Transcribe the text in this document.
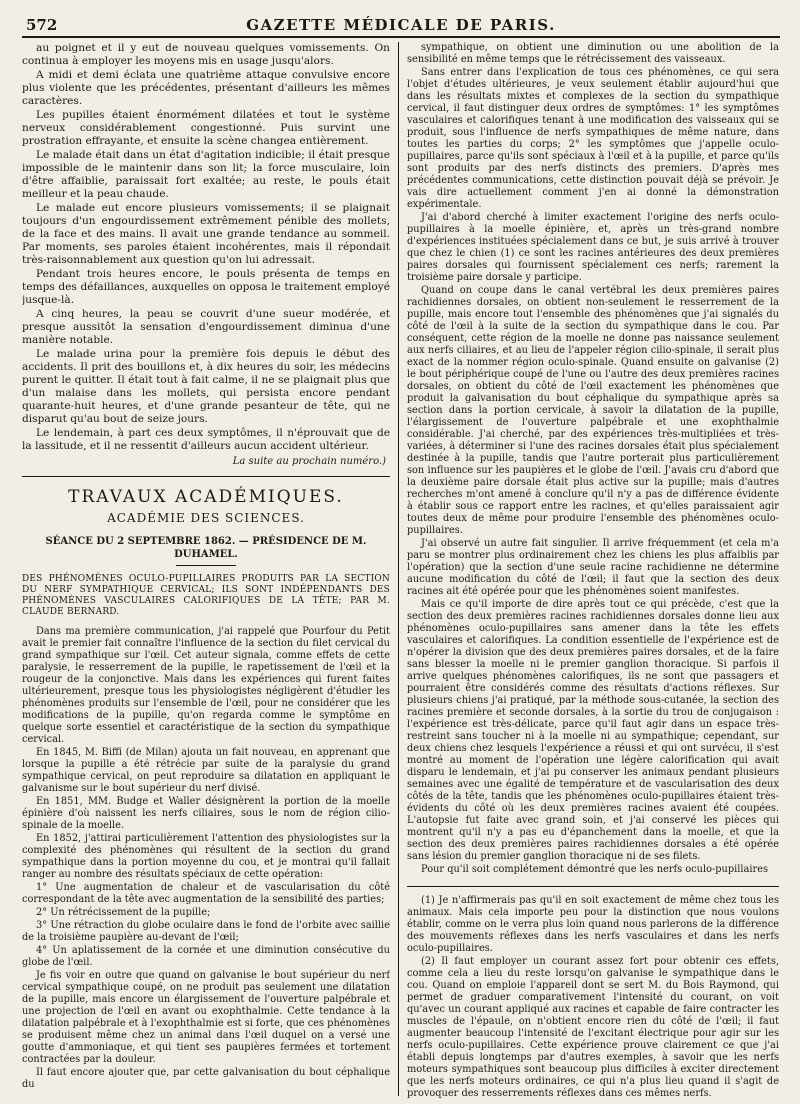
572	GAZETTE MÉDICALE DE PARIS.

au poignet et il y eut de nouveau quelques vomissements. On continua à employer les moyens mis en usage jusqu'alors.

A midi et demi éclata une quatrième attaque convulsive encore plus violente que les précédentes, présentant d'ailleurs les mêmes caractères.

Les pupilles étaient énormément dilatées et tout le système nerveux considérablement congestionné. Puis survint une prostration effrayante, et ensuite la scène changea entièrement.

Le malade était dans un état d'agitation indicible; il était presque impossible de le maintenir dans son lit; la force musculaire, loin d'être affaiblie, paraissait fort exaltée; au reste, le pouls était meilleur et la peau chaude.

Le malade eut encore plusieurs vomissements; il se plaignait toujours d'un engourdissement extrêmement pénible des mollets, de la face et des mains. Il avait une grande tendance au sommeil. Par moments, ses paroles étaient incohérentes, mais il répondait très-raisonnablement aux question qu'on lui adressait.

Pendant trois heures encore, le pouls présenta de temps en temps des défaillances, auxquelles on opposa le traitement employé jusque-là.

A cinq heures, la peau se couvrit d'une sueur modérée, et presque aussitôt la sensation d'engourdissement diminua d'une manière notable.

Le malade urina pour la première fois depuis le début des accidents. Il prit des bouillons et, à dix heures du soir, les médecins purent le quitter. Il était tout à fait calme, il ne se plaignait plus que d'un malaise dans les mollets, qui persista encore pendant quarante-huit heures, et d'une grande pesanteur de tête, qui ne disparut qu'au bout de seize jours.

Le lendemain, à part ces deux symptômes, il n'éprouvait que de la lassitude, et il ne ressentit d'ailleurs aucun accident ultérieur.

La suite au prochain numéro.)

TRAVAUX ACADÉMIQUES.
ACADÉMIE DES SCIENCES.
SÉANCE DU 2 SEPTEMBRE 1862. — PRÉSIDENCE DE M. DUHAMEL.

DES PHÉNOMÈNES OCULO-PUPILLAIRES PRODUITS PAR LA SECTION DU NERF SYMPATHIQUE CERVICAL; ILS SONT INDÉPENDANTS DES PHÉNOMÈNES VASCULAIRES CALORIFIQUES DE LA TÊTE; PAR M. CLAUDE BERNARD.

Dans ma première communication, j'ai rappelé que Pourfour du Petit avait le premier fait connaître l'influence de la section du filet cervical du grand sympathique sur l'œil. Cet auteur signala, comme effets de cette paralysie, le resserrement de la pupille, le rapetissement de l'œil et la rougeur de la conjonctive. Mais dans les expériences qui furent faites ultérieurement, presque tous les physiologistes négligèrent d'étudier les phénomènes produits sur l'ensemble de l'œil, pour ne considérer que les modifications de la pupille, qu'on regarda comme le symptôme en quelque sorte essentiel et caractéristique de la section du sympathique cervical.

En 1845, M. Biffi (de Milan) ajouta un fait nouveau, en apprenant que lorsque la pupille a été rétrécie par suite de la paralysie du grand sympathique cervical, on peut reproduire sa dilatation en appliquant le galvanisme sur le bout supérieur du nerf divisé.

En 1851, MM. Budge et Waller désignèrent la portion de la moelle épinière d'où naissent les nerfs ciliaires, sous le nom de région cilio-spinale de la moelle.

En 1852, j'attirai particulièrement l'attention des physiologistes sur la complexité des phénomènes qui résultent de la section du grand sympathique dans la portion moyenne du cou, et je montrai qu'il fallait ranger au nombre des résultats spéciaux de cette opération:

1° Une augmentation de chaleur et de vascularisation du côté correspondant de la tête avec augmentation de la sensibilité des parties;

2° Un rétrécissement de la pupille;

3° Une rétraction du globe oculaire dans le fond de l'orbite avec saillie de la troisième paupière au-devant de l'œil;

4° Un aplatissement de la cornée et une diminution consécutive du globe de l'œil.

Je fis voir en outre que quand on galvanise le bout supérieur du nerf cervical sympathique coupé, on ne produit pas seulement une dilatation de la pupille, mais encore un élargissement de l'ouverture palpébrale et une projection de l'œil en avant ou exophthalmie. Cette tendance à la dilatation palpébrale et à l'exophthalmie est si forte, que ces phénomènes se produisent même chez un animal dans l'œil duquel on a versé une goutte d'ammoniaque, et qui tient ses paupières fermées et tortement contractées par la douleur.

Il faut encore ajouter que, par cette galvanisation du bout céphalique du

sympathique, on obtient une diminution ou une abolition de la sensibilité en même temps que le rétrécissement des vaisseaux.

Sans entrer dans l'explication de tous ces phénomènes, ce qui sera l'objet d'études ultérieures, je veux seulement établir aujourd'hui que dans les résultats mixtes et complexes de la section du sympathique cervical, il faut distinguer deux ordres de symptômes: 1° les symptômes vasculaires et calorifiques tenant à une modification des vaisseaux qui se produit, sous l'influence de nerfs sympathiques de même nature, dans toutes les parties du corps; 2° les symptômes que j'appelle oculo-pupillaires, parce qu'ils sont spéciaux à l'œil et à la pupille, et parce qu'ils sont produits par des nerfs distincts des premiers. D'après mes précédentes communications, cette distinction pouvait déjà se prévoir. Je vais dire actuellement comment j'en ai donné la démonstration expérimentale.

J'ai d'abord cherché à limiter exactement l'origine des nerfs oculo-pupillaires à la moelle épinière, et, après un très-grand nombre d'expériences instituées spécialement dans ce but, je suis arrivé à trouver que chez le chien (1) ce sont les racines antérieures des deux premières paires dorsales qui fournissent spécialement ces nerfs; rarement la troisième paire dorsale y participe.

Quand on coupe dans le canal vertébral les deux premières paires rachidiennes dorsales, on obtient non-seulement le resserrement de la pupille, mais encore tout l'ensemble des phénomènes que j'ai signalés du côté de l'œil à la suite de la section du sympathique dans le cou. Par conséquent, cette région de la moelle ne donne pas naissance seulement aux nerfs ciliaires, et au lieu de l'appeler région cilio-spinale, il serait plus exact de la nommer région oculo-spinale. Quand ensuite on galvanise (2) le bout périphérique coupé de l'une ou l'autre des deux premières racines dorsales, on obtient du côté de l'œil exactement les phénomènes que produit la galvanisation du bout céphalique du sympathique après sa section dans la portion cervicale, à savoir la dilatation de la pupille, l'élargissement de l'ouverture palpébrale et une exophthalmie considérable. J'ai cherché, par des expériences très-multipliées et très-variées, à déterminer si l'une des racines dorsales était plus spécialement destinée à la pupille, tandis que l'autre porterait plus particulièrement son influence sur les paupières et le globe de l'œil. J'avais cru d'abord que la deuxième paire dorsale était plus active sur la pupille; mais d'autres recherches m'ont amené à conclure qu'il n'y a pas de différence évidente à établir sous ce rapport entre les racines, et qu'elles paraissaient agir toutes deux de même pour produire l'ensemble des phénomènes oculo-pupillaires.

J'ai observé un autre fait singulier. Il arrive fréquemment (et cela m'a paru se montrer plus ordinairement chez les chiens les plus affaiblis par l'opération) que la section d'une seule racine rachidienne ne détermine aucune modification du côté de l'œil; il faut que la section des deux racines ait été opérée pour que les phénomènes soient manifestes.

Mais ce qu'il importe de dire après tout ce qui précède, c'est que la section des deux premières racines rachidiennes dorsales donne lieu aux phénomènes oculo-pupillaires sans amener dans la tête les effets vasculaires et calorifiques. La condition essentielle de l'expérience est de n'opérer la division que des deux premières paires dorsales, et de la faire sans blesser la moelle ni le premier ganglion thoracique. Si parfois il arrive quelques phénomènes calorifiques, ils ne sont que passagers et pourraient être considérés comme des résultats d'actions réflexes. Sur plusieurs chiens j'ai pratiqué, par la méthode sous-cutanée, la section des racines première et seconde dorsales, à la sortie du trou de conjugaison : l'expérience est très-délicate, parce qu'il faut agir dans un espace très-restreint sans toucher ni à la moelle ni au sympathique; cependant, sur deux chiens chez lesquels l'expérience a réussi et qui ont survécu, il s'est montré au moment de l'opération une légère calorification qui avait disparu le lendemain, et j'ai pu conserver les animaux pendant plusieurs semaines avec une égalité de température et de vascularisation des deux côtés de la tête, tandis que les phénomènes oculo-pupillaires étaient très-évidents du côté où les deux premières racines avaient été coupées. L'autopsie fut faite avec grand soin, et j'ai conservé les pièces qui montrent qu'il n'y a pas eu d'épanchement dans la moelle, et que la section des deux premières paires rachidiennes dorsales a été opérée sans lésion du premier ganglion thoracique ni de ses filets.

Pour qu'il soit complétement démontré que les nerfs oculo-pupillaires

(1) Je n'affirmerais pas qu'il en soit exactement de même chez tous les animaux. Mais cela importe peu pour la distinction que nous voulons établir, comme on le verra plus loin quand nous parlerons de la différence des mouvements réflexes dans les nerfs vasculaires et dans les nerfs oculo-pupillaires.

(2) Il faut employer un courant assez fort pour obtenir ces effets, comme cela a lieu du reste lorsqu'on galvanise le sympathique dans le cou. Quand on emploie l'appareil dont se sert M. du Bois Raymond, qui permet de graduer comparativement l'intensité du courant, on voit qu'avec un courant appliqué aux racines et capable de faire contracter les muscles de l'épaule, on n'obtient encore rien du côté de l'œil; il faut augmenter beaucoup l'intensité de l'excitant électrique pour agir sur les nerfs oculo-pupillaires. Cette expérience prouve clairement ce que j'ai établi depuis longtemps par d'autres exemples, à savoir que les nerfs moteurs sympathiques sont beaucoup plus difficiles à exciter directement que les nerfs moteurs ordinaires, ce qui n'a plus lieu quand il s'agit de provoquer des resserrements réflexes dans ces mêmes nerfs.
